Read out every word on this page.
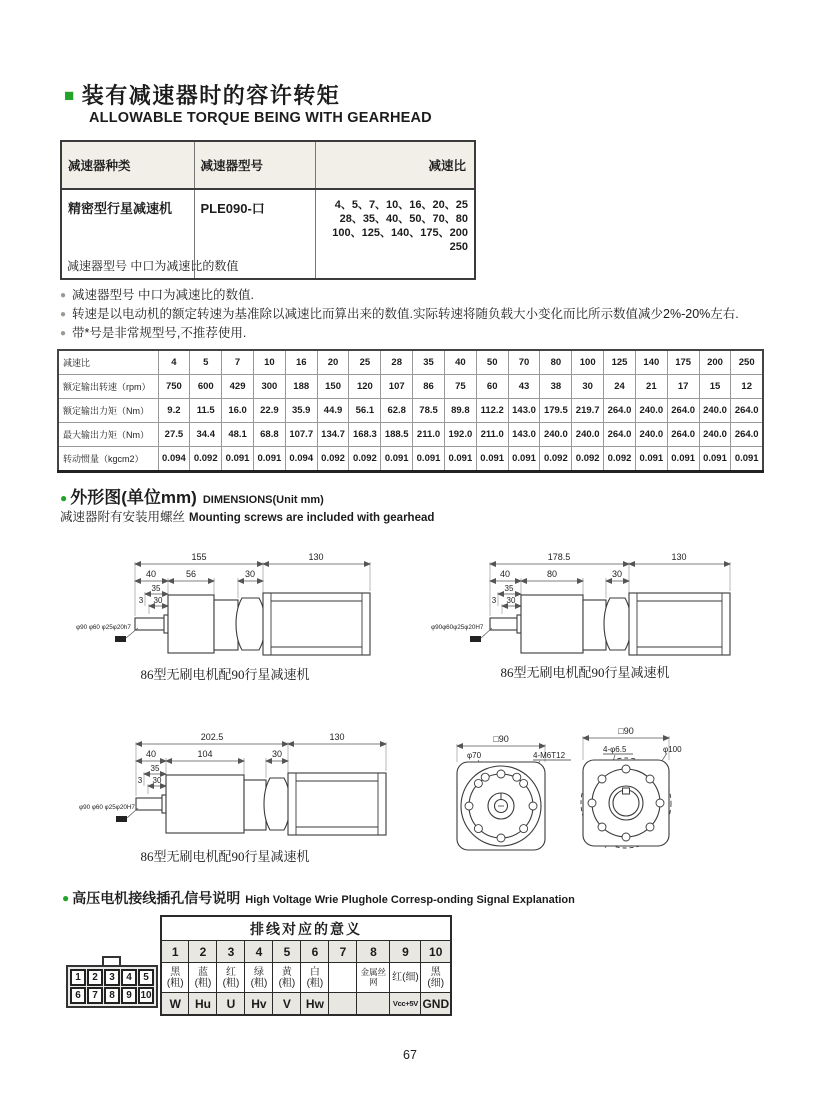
■ 装有减速器时的容许转矩
ALLOWABLE TORQUE BEING WITH GEARHEAD
减速器种类	减速器型号	减速比
精密型行星减速机	PLE090-口	4、5、7、10、16、20、25
28、35、40、50、70、80
100、125、140、175、200
250
减速器型号 中口为减速比的数值
● 减速器型号 中口为减速比的数值.
● 转速是以电动机的额定转速为基准除以减速比而算出来的数值.实际转速将随负载大小变化而比所示数值减少2%-20%左右.
● 带*号是非常规型号,不推荐使用.
减速比	4	5	7	10	16	20	25	28	35	40	50	70	80	100	125	140	175	200	250
额定输出转速（rpm）	750	600	429	300	188	150	120	107	86	75	60	43	38	30	24	21	17	15	12
额定输出力矩（Nm）	9.2	11.5	16.0	22.9	35.9	44.9	56.1	62.8	78.5	89.8	112.2	143.0	179.5	219.7	264.0	240.0	264.0	240.0	264.0
最大输出力矩（Nm）	27.5	34.4	48.1	68.8	107.7	134.7	168.3	188.5	211.0	192.0	211.0	143.0	240.0	240.0	264.0	240.0	264.0	240.0	264.0
转动惯量（kgcm2）	0.094	0.092	0.091	0.091	0.094	0.092	0.092	0.091	0.091	0.091	0.091	0.091	0.092	0.092	0.092	0.091	0.091	0.091	0.091
● 外形图(单位mm) DIMENSIONS(Unit mm)
减速器附有安装用螺丝 Mounting screws are included with gearhead
155	130
40	56	30
35
30
3
φ90 φ60 φ25φ20h7
86型无刷电机配90行星减速机
178.5	130
40	80	30
35
30
3
φ90φ60φ25φ20H7
86型无刷电机配90行星减速机
202.5	130
40	104	30
35
30
3
φ90 φ60 φ25φ20H7
86型无刷电机配90行星减速机
□90
φ70	4-M6T12
□90
4-φ6.5	φ100
● 高压电机接线插孔信号说明 High Voltage Wrie Plughole Corresp-onding Signal Explanation
1	2	3	4	5
6	7	8	9 10
排线对应的意义									
1	2	3	4	5	6	7	8	9	10
黑(粗)	蓝(粗)	红(粗)	绿(粗)	黄(粗)	白(粗)		金属丝网	红(细)	黑(细)
W	Hu	U	Hv	V	Hw			Vcc+5V	GND
67
